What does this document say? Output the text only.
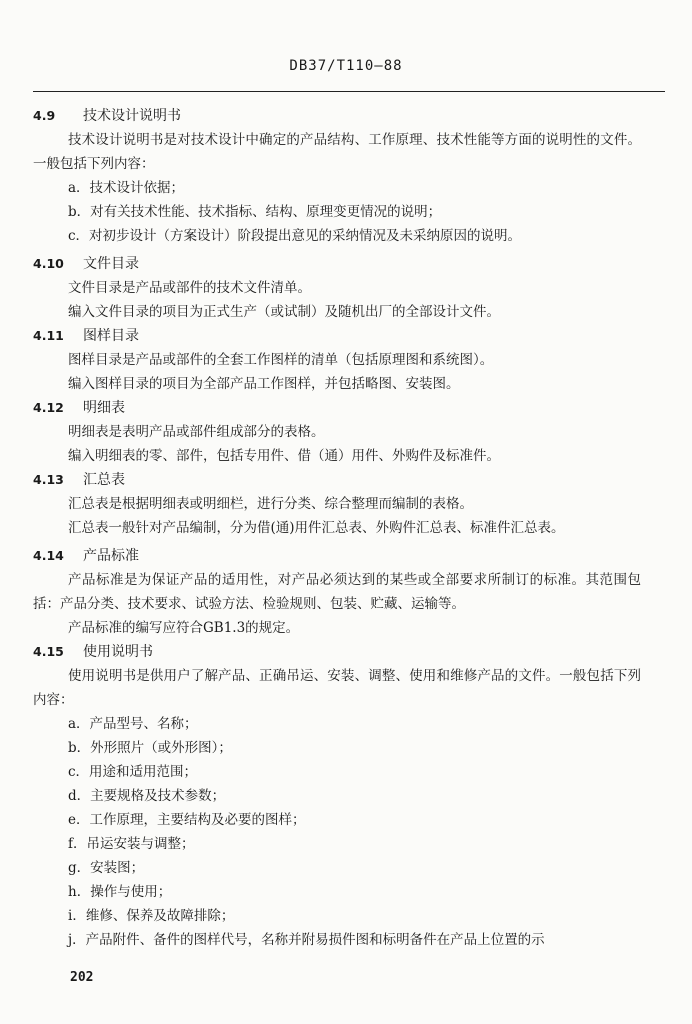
DB37/T110—88
4.9 技术设计说明书

技术设计说明书是对技术设计中确定的产品结构、工作原理、技术性能等方面的说明性的文件。一般包括下列内容：

a．技术设计依据；

b．对有关技术性能、技术指标、结构、原理变更情况的说明；

c．对初步设计（方案设计）阶段提出意见的采纳情况及未采纳原因的说明。

4.10 文件目录

文件目录是产品或部件的技术文件清单。

编入文件目录的项目为正式生产（或试制）及随机出厂的全部设计文件。

4.11 图样目录

图样目录是产品或部件的全套工作图样的清单（包括原理图和系统图）。

编入图样目录的项目为全部产品工作图样，并包括略图、安装图。

4.12 明细表

明细表是表明产品或部件组成部分的表格。

编入明细表的零、部件，包括专用件、借（通）用件、外购件及标准件。

4.13 汇总表

汇总表是根据明细表或明细栏，进行分类、综合整理而编制的表格。

汇总表一般针对产品编制，分为借(通)用件汇总表、外购件汇总表、标准件汇总表。

4.14 产品标准

产品标准是为保证产品的适用性，对产品必须达到的某些或全部要求所制订的标准。其范围包括：产品分类、技术要求、试验方法、检验规则、包装、贮藏、运输等。

产品标准的编写应符合GB1.3的规定。

4.15 使用说明书

使用说明书是供用户了解产品、正确吊运、安装、调整、使用和维修产品的文件。一般包括下列内容：

a．产品型号、名称；

b．外形照片（或外形图）；

c．用途和适用范围；

d．主要规格及技术参数；

e．工作原理，主要结构及必要的图样；

f．吊运安装与调整；

g．安装图；

h．操作与使用；

i．维修、保养及故障排除；

j．产品附件、备件的图样代号，名称并附易损件图和标明备件在产品上位置的示

202
